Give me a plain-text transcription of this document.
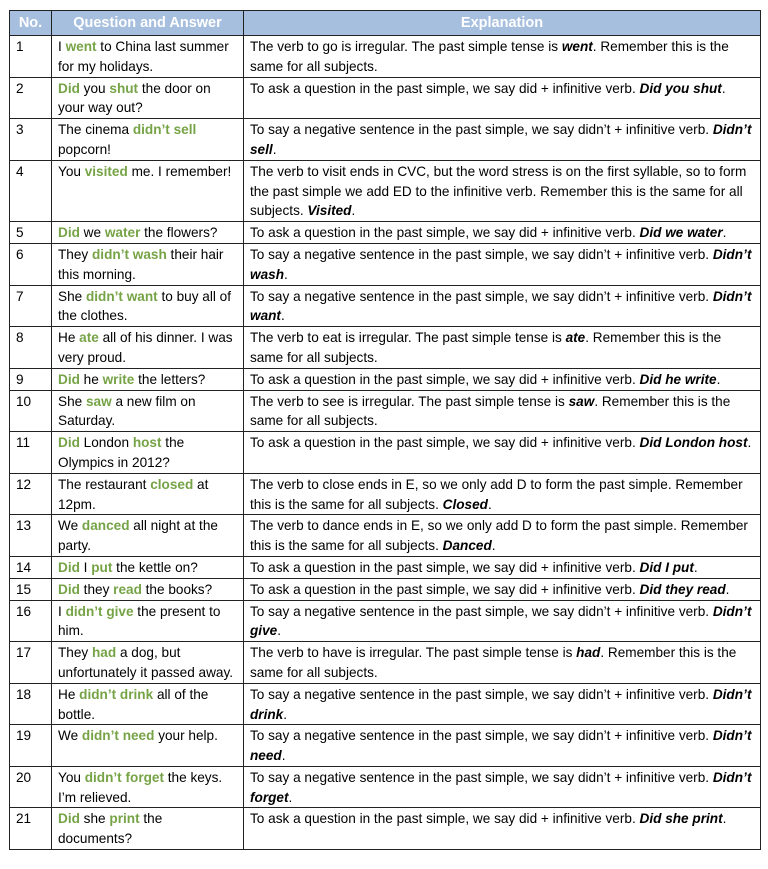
No.	Question and Answer	Explanation
1	I went to China last summer for my holidays.	The verb to go is irregular. The past simple tense is went. Remember this is the same for all subjects.
2	Did you shut the door on your way out?	To ask a question in the past simple, we say did + infinitive verb. Did you shut.
3	The cinema didn’t sell popcorn!	To say a negative sentence in the past simple, we say didn’t + infinitive verb. Didn’t sell.
4	You visited me. I remember!	The verb to visit ends in CVC, but the word stress is on the first syllable, so to form the past simple we add ED to the infinitive verb. Remember this is the same for all subjects. Visited.
5	Did we water the flowers?	To ask a question in the past simple, we say did + infinitive verb. Did we water.
6	They didn’t wash their hair this morning.	To say a negative sentence in the past simple, we say didn’t + infinitive verb. Didn’t wash.
7	She didn’t want to buy all of the clothes.	To say a negative sentence in the past simple, we say didn’t + infinitive verb. Didn’t want.
8	He ate all of his dinner. I was very proud.	The verb to eat is irregular. The past simple tense is ate. Remember this is the same for all subjects.
9	Did he write the letters?	To ask a question in the past simple, we say did + infinitive verb. Did he write.
10	She saw a new film on Saturday.	The verb to see is irregular. The past simple tense is saw. Remember this is the same for all subjects.
11	Did London host the Olympics in 2012?	To ask a question in the past simple, we say did + infinitive verb. Did London host.
12	The restaurant closed at 12pm.	The verb to close ends in E, so we only add D to form the past simple. Remember this is the same for all subjects. Closed.
13	We danced all night at the party.	The verb to dance ends in E, so we only add D to form the past simple. Remember this is the same for all subjects. Danced.
14	Did I put the kettle on?	To ask a question in the past simple, we say did + infinitive verb. Did I put.
15	Did they read the books?	To ask a question in the past simple, we say did + infinitive verb. Did they read.
16	I didn’t give the present to him.	To say a negative sentence in the past simple, we say didn’t + infinitive verb. Didn’t give.
17	They had a dog, but unfortunately it passed away.	The verb to have is irregular. The past simple tense is had. Remember this is the same for all subjects.
18	He didn’t drink all of the bottle.	To say a negative sentence in the past simple, we say didn’t + infinitive verb. Didn’t drink.
19	We didn’t need your help.	To say a negative sentence in the past simple, we say didn’t + infinitive verb. Didn’t need.
20	You didn’t forget the keys. I’m relieved.	To say a negative sentence in the past simple, we say didn’t + infinitive verb. Didn’t forget.
21	Did she print the documents?	To ask a question in the past simple, we say did + infinitive verb. Did she print.
